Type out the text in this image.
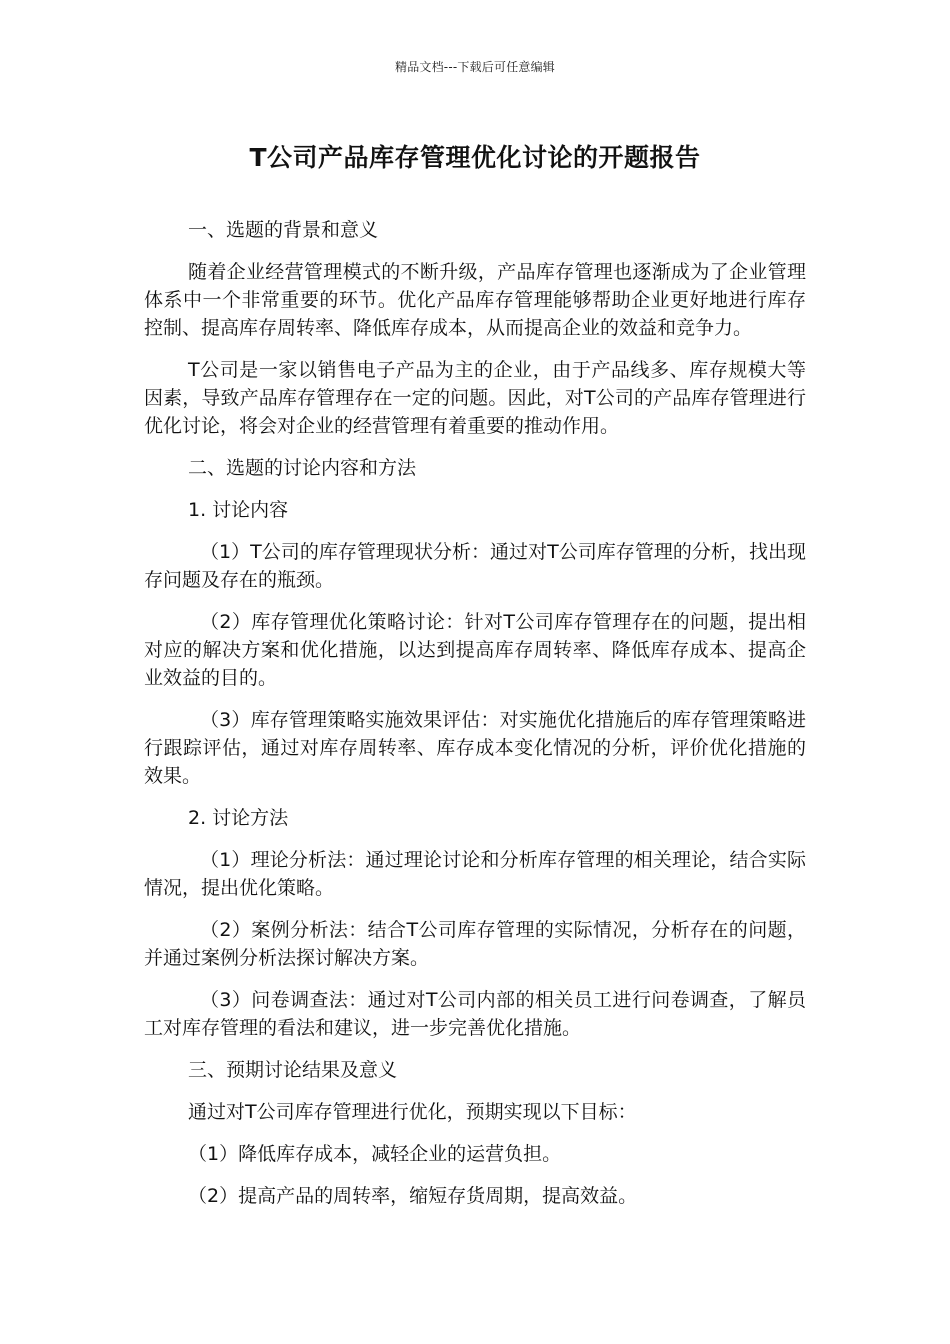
精品文档---下载后可任意编辑
T公司产品库存管理优化讨论的开题报告

一、选题的背景和意义

随着企业经营管理模式的不断升级，产品库存管理也逐渐成为了企业管理体系中一个非常重要的环节。优化产品库存管理能够帮助企业更好地进行库存控制、提高库存周转率、降低库存成本，从而提高企业的效益和竞争力。

T公司是一家以销售电子产品为主的企业，由于产品线多、库存规模大等因素，导致产品库存管理存在一定的问题。因此，对T公司的产品库存管理进行优化讨论，将会对企业的经营管理有着重要的推动作用。

二、选题的讨论内容和方法

1. 讨论内容

（1）T公司的库存管理现状分析：通过对T公司库存管理的分析，找出现存问题及存在的瓶颈。

（2）库存管理优化策略讨论：针对T公司库存管理存在的问题，提出相对应的解决方案和优化措施，以达到提高库存周转率、降低库存成本、提高企业效益的目的。

（3）库存管理策略实施效果评估：对实施优化措施后的库存管理策略进行跟踪评估，通过对库存周转率、库存成本变化情况的分析，评价优化措施的效果。

2. 讨论方法

（1）理论分析法：通过理论讨论和分析库存管理的相关理论，结合实际情况，提出优化策略。

（2）案例分析法：结合T公司库存管理的实际情况，分析存在的问题，并通过案例分析法探讨解决方案。

（3）问卷调查法：通过对T公司内部的相关员工进行问卷调查，了解员工对库存管理的看法和建议，进一步完善优化措施。

三、预期讨论结果及意义

通过对T公司库存管理进行优化，预期实现以下目标：

（1）降低库存成本，减轻企业的运营负担。

（2）提高产品的周转率，缩短存货周期，提高效益。
